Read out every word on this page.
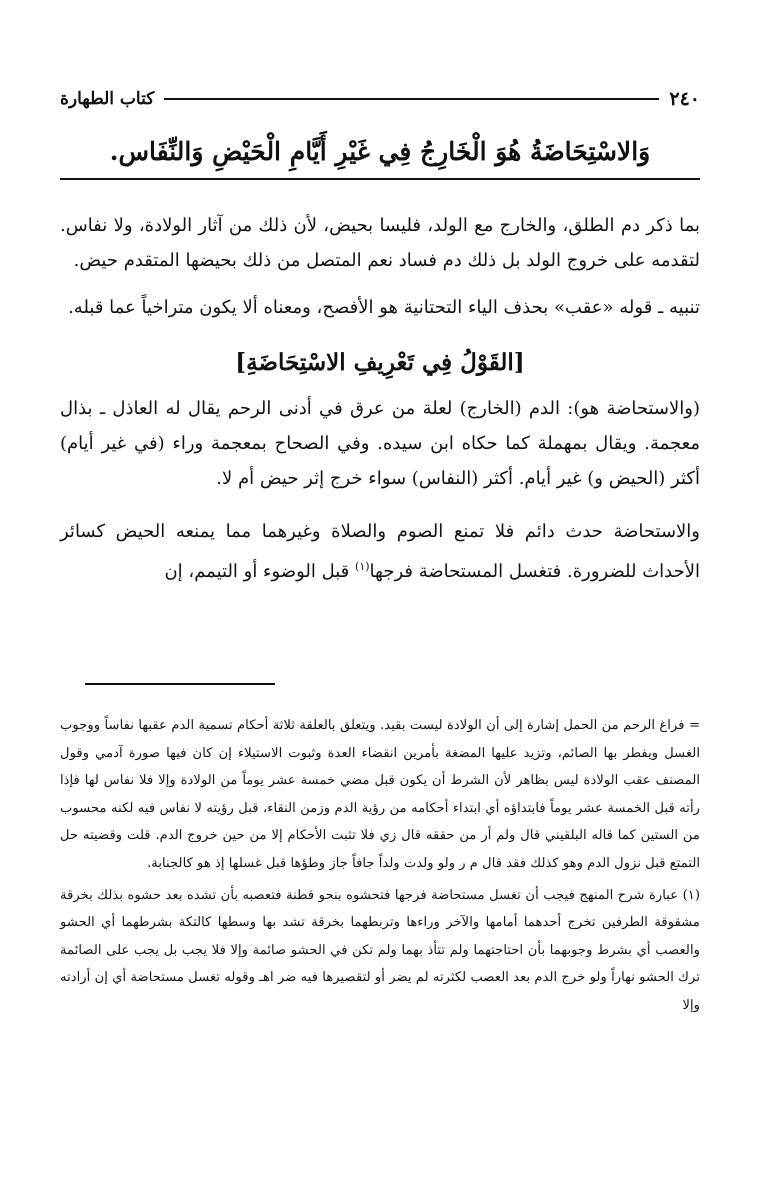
٢٤٠
كتاب الطهارة
وَالاسْتِحَاضَةُ هُوَ الْخَارِجُ فِي غَيْرِ أَيَّامِ الْحَيْضِ وَالنِّفَاس.

بما ذكر دم الطلق، والخارج مع الولد، فليسا بحيض، لأن ذلك من آثار الولادة، ولا نفاس. لتقدمه على خروج الولد بل ذلك دم فساد نعم المتصل من ذلك بحيضها المتقدم حيض.

تنبيه ـ قوله «عقب» بحذف الياء التحتانية هو الأفصح، ومعناه ألا يكون متراخياً عما قبله.

[القَوْلُ فِي تَعْرِيفِ الاسْتِحَاضَةِ]

(والاستحاضة هو): الدم (الخارج) لعلة من عرق في أدنى الرحم يقال له العاذل ـ بذال معجمة. ويقال بمهملة كما حكاه ابن سيده. وفي الصحاح بمعجمة وراء (في غير أيام) أكثر (الحيض و) غير أيام. أكثر (النفاس) سواء خرج إثر حيض أم لا.

والاستحاضة حدث دائم فلا تمنع الصوم والصلاة وغيرهما مما يمنعه الحيض كسائر الأحداث للضرورة. فتغسل المستحاضة فرجها$^{(١)}$ قبل الوضوء أو التيمم، إن

= فراغ الرحم من الحمل إشارة إلى أن الولادة ليست بقيد. ويتعلق بالعلقة ثلاثة أحكام تسمية الدم عقبها نفاساً ووجوب الغسل ويفطر بها الصائم، وتزيد عليها المضغة بأمرين انقضاء العدة وثبوت الاستيلاء إن كان فيها صورة آدمي وقول المصنف عقب الولادة ليس بظاهر لأن الشرط أن يكون قبل مضي خمسة عشر يوماً من الولادة وإلا فلا نفاس لها فإذا رأته قبل الخمسة عشر يوماً فابتداؤه أي ابتداء أحكامه من رؤية الدم وزمن النقاء، قبل رؤيته لا نفاس فيه لكنه محسوب من الستين كما قاله البلقيني قال ولم أر من حققه قال زي فلا تثبت الأحكام إلا من حين خروج الدم. قلت وقضيته حل التمتع قبل نزول الدم وهو كذلك فقد قال م ر ولو ولدت ولداً جافاً جاز وطؤها قبل غسلها إذ هو كالجنابة.

(١) عبارة شرح المنهج فيجب أن تغسل مستحاضة فرجها فتحشوه بنحو قطنة فتعصبه بأن تشده بعد حشوه بذلك بخرقة مشقوقة الطرفين تخرج أحدهما أمامها والآخر وراءها وتربطهما بخرقة تشد بها وسطها كالتكة بشرطهما أي الحشو والعصب أي بشرط وجوبهما بأن احتاجتهما ولم تتأذ بهما ولم تكن في الحشو صائمة وإلا فلا يجب بل يجب على الصائمة ترك الحشو نهاراً ولو خرج الدم بعد العصب لكثرته لم يضر أو لتقصيرها فيه ضر اهـ وقوله تغسل مستحاضة أي إن أرادته وإلا
